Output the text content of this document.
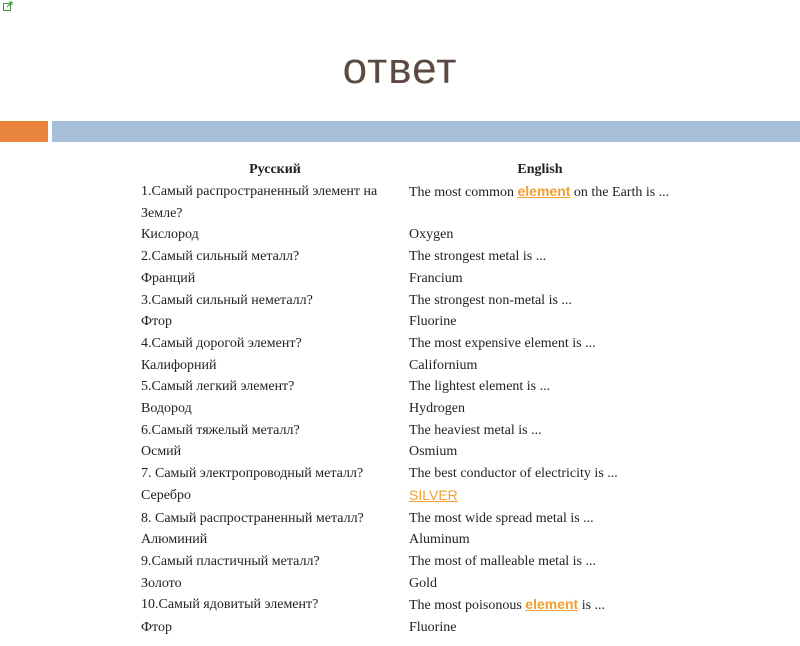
ответ
Русский	English
1.Самый распространенный элемент на Земле?	The most common element on the Earth is ...
Кислород	Oxygen
2.Самый сильный металл?	The strongest metal is ...
Франций	Francium
3.Самый сильный неметалл?	The strongest non-metal is ...
Фтор	Fluorine
4.Самый дорогой элемент?	The most expensive element is ...
Калифорний	Californium
5.Самый легкий элемент?	The lightest element is ...
Водород	Hydrogen
6.Самый тяжелый металл?	The heaviest metal is ...
Осмий	Osmium
7. Самый электропроводный металл?	The best conductor of electricity is ...
Серебро	SILVER
8. Самый распространенный металл?	The most wide spread metal is ...
Алюминий	Aluminum
9.Самый пластичный металл?	The most of malleable metal is ...
Золото	Gold
10.Самый ядовитый элемент?	The most poisonous element is ...
Фтор	Fluorine
